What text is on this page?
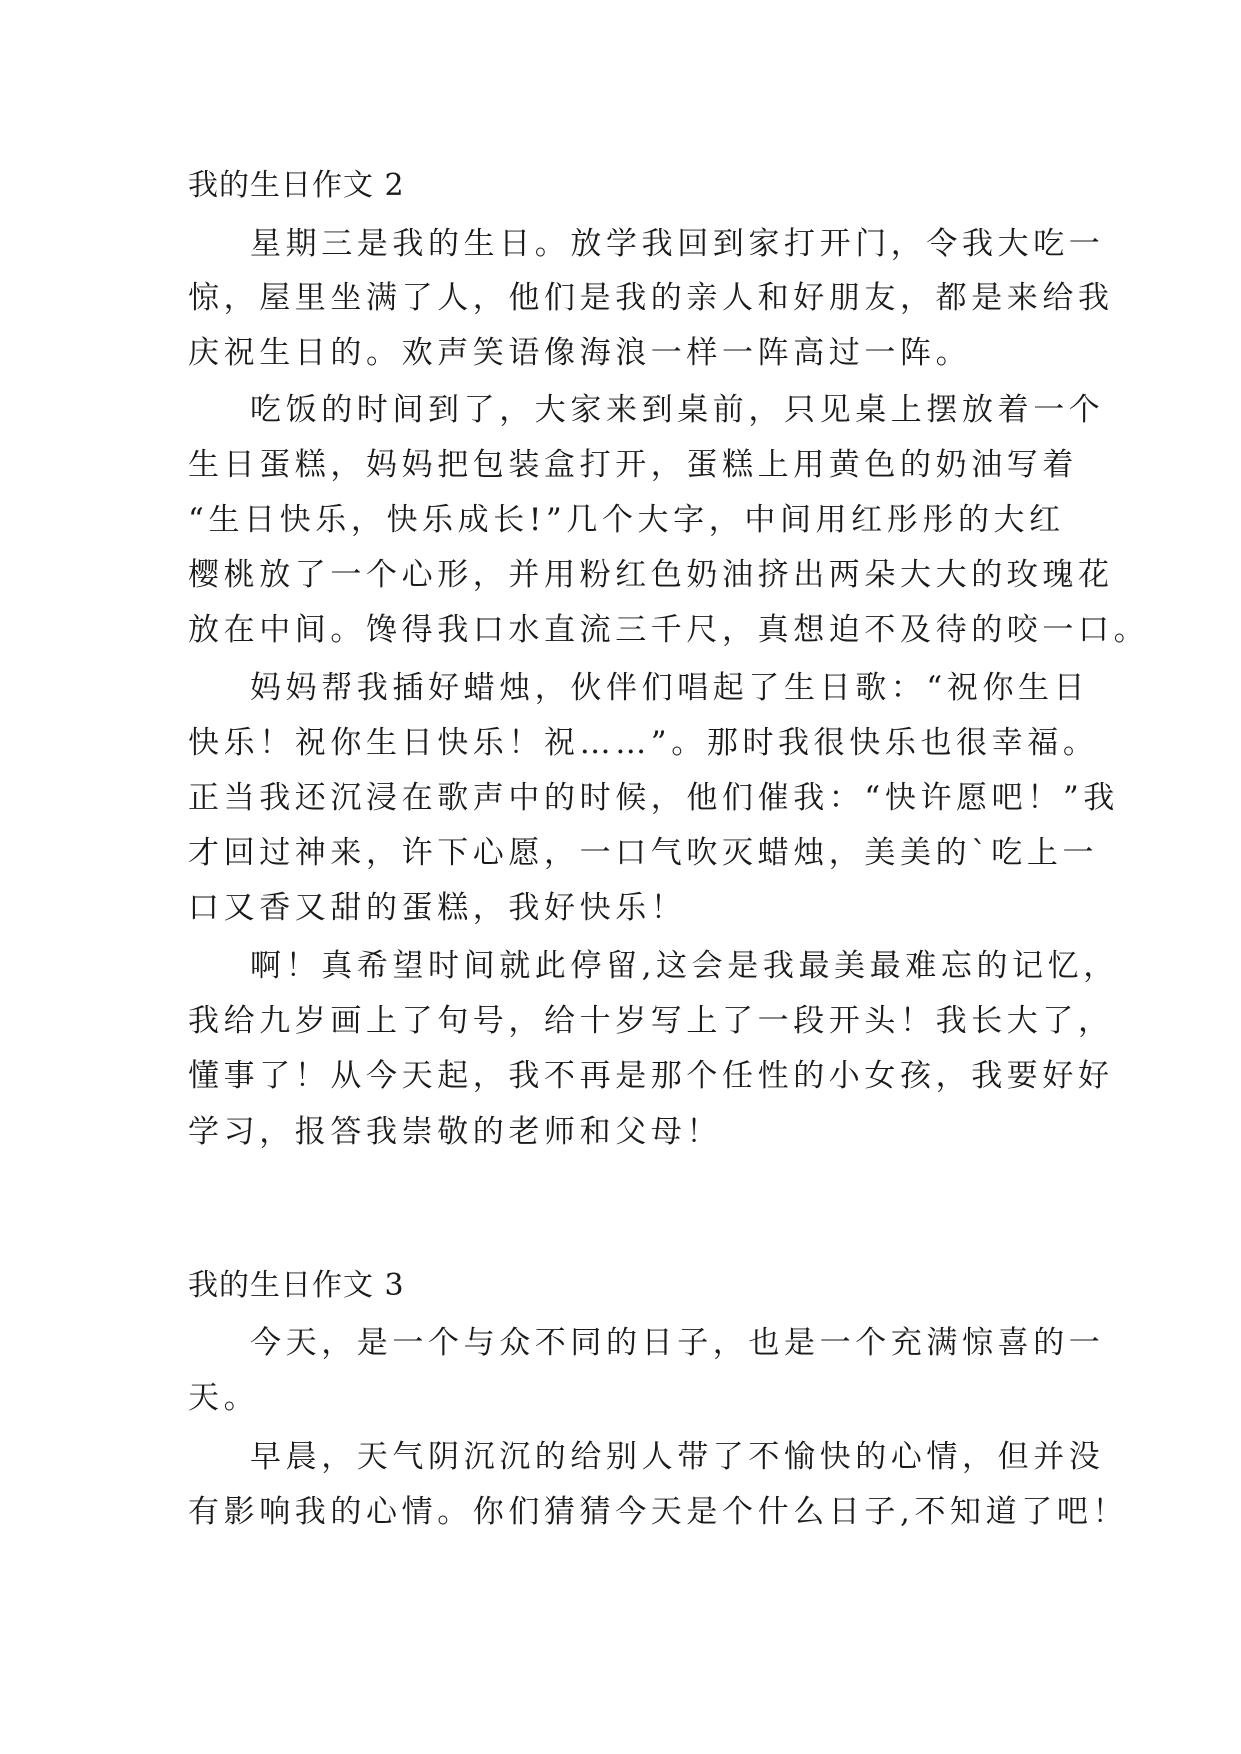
我的生日作文 2
星期三是我的生日。放学我回到家打开门，令我大吃一
惊，屋里坐满了人，他们是我的亲人和好朋友，都是来给我
庆祝生日的。欢声笑语像海浪一样一阵高过一阵。
吃饭的时间到了，大家来到桌前，只见桌上摆放着一个
生日蛋糕，妈妈把包装盒打开，蛋糕上用黄色的奶油写着
“生日快乐，快乐成长!”几个大字，中间用红彤彤的大红
樱桃放了一个心形，并用粉红色奶油挤出两朵大大的玫瑰花
放在中间。馋得我口水直流三千尺，真想迫不及待的咬一口。
妈妈帮我插好蜡烛，伙伴们唱起了生日歌：“祝你生日
快乐！祝你生日快乐！祝……”。那时我很快乐也很幸福。
正当我还沉浸在歌声中的时候，他们催我：“快许愿吧！”我
才回过神来，许下心愿，一口气吹灭蜡烛，美美的`吃上一
口又香又甜的蛋糕，我好快乐！
啊！真希望时间就此停留,这会是我最美最难忘的记忆，
我给九岁画上了句号，给十岁写上了一段开头！我长大了，
懂事了！从今天起，我不再是那个任性的小女孩，我要好好
学习，报答我崇敬的老师和父母！
我的生日作文 3
今天，是一个与众不同的日子，也是一个充满惊喜的一
天。
早晨，天气阴沉沉的给别人带了不愉快的心情，但并没
有影响我的心情。你们猜猜今天是个什么日子,不知道了吧！
